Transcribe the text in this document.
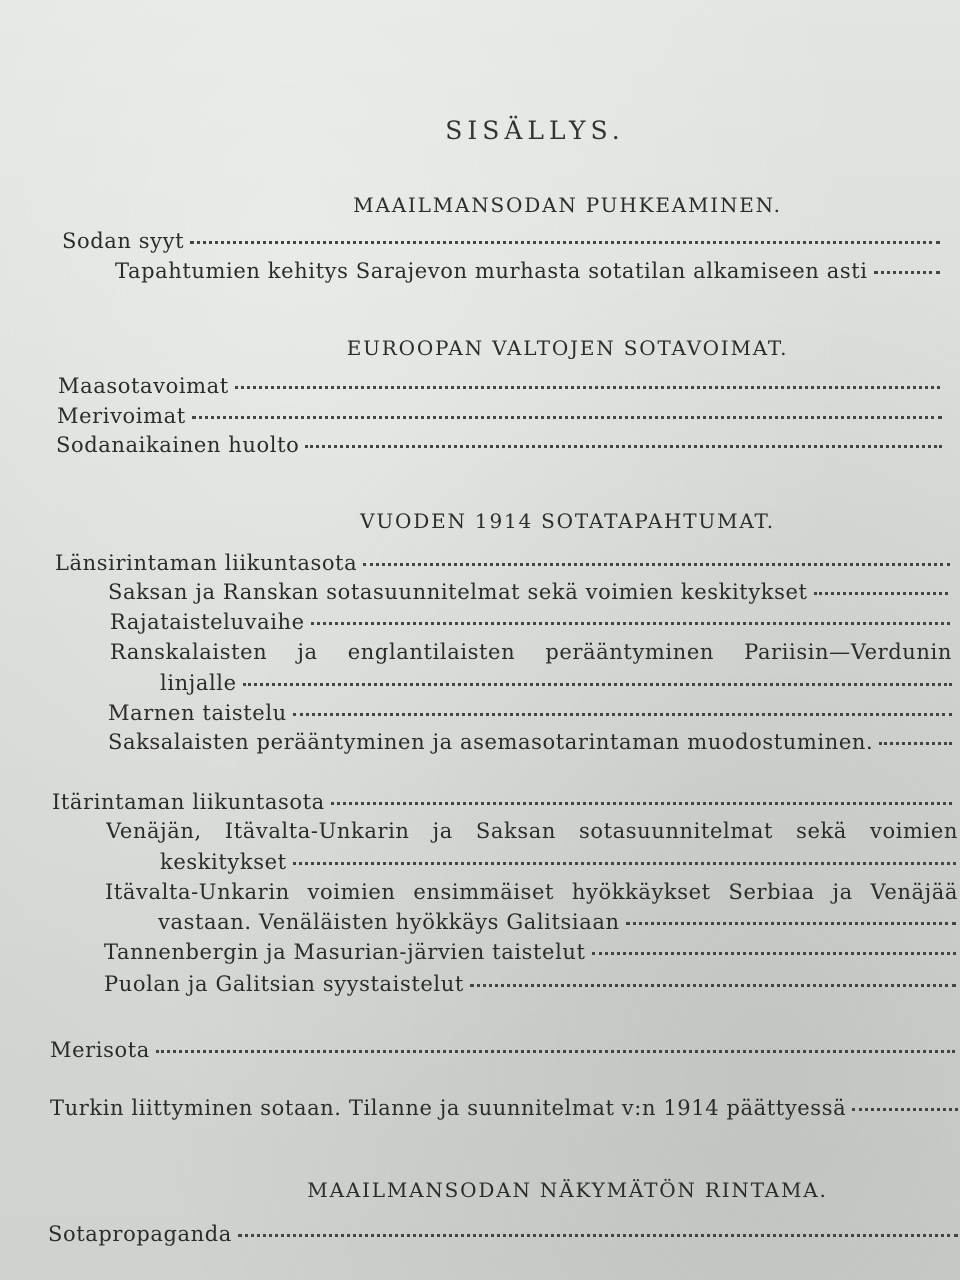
SISÄLLYS.
MAAILMANSODAN PUHKEAMINEN.
Sodan syyt
Tapahtumien kehitys Sarajevon murhasta sotatilan alkamiseen asti
EUROOPAN VALTOJEN SOTAVOIMAT.
Maasotavoimat
Merivoimat
Sodanaikainen huolto
VUODEN 1914 SOTATAPAHTUMAT.
Länsirintaman liikuntasota
Saksan ja Ranskan sotasuunnitelmat sekä voimien keskitykset
Rajataisteluvaihe
Ranskalaisten ja englantilaisten perääntyminen Pariisin—Verdunin
linjalle
Marnen taistelu
Saksalaisten perääntyminen ja asemasotarintaman muodostuminen.
Itärintaman liikuntasota
Venäjän, Itävalta-Unkarin ja Saksan sotasuunnitelmat sekä voimien
keskitykset
Itävalta-Unkarin voimien ensimmäiset hyökkäykset Serbiaa ja Venäjää
vastaan. Venäläisten hyökkäys Galitsiaan
Tannenbergin ja Masurian-järvien taistelut
Puolan ja Galitsian syystaistelut
Merisota
Turkin liittyminen sotaan. Tilanne ja suunnitelmat v:n 1914 päättyessä
MAAILMANSODAN NÄKYMÄTÖN RINTAMA.
Sotapropaganda
